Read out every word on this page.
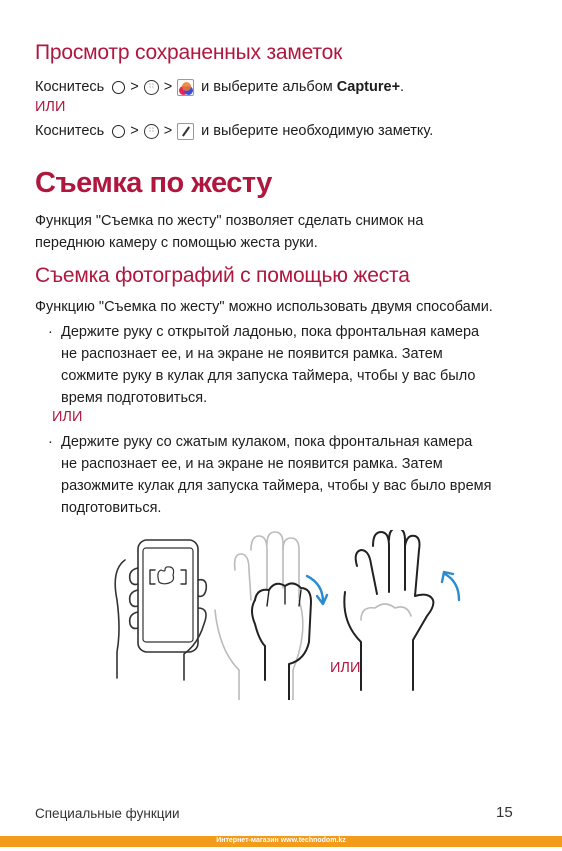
Просмотр сохраненных заметок
Коснитесь >	∷ > и выберите альбом Capture+ .
ИЛИ
Коснитесь >	∷ > и выберите необходимую заметку.
Съемка по жесту
Функция "Съемка по жесту" позволяет сделать снимок на
переднюю камеру с помощью жеста руки.
Съемка фотографий с помощью жеста
Функцию "Съемка по жесту" можно использовать двумя способами.
· Держите руку с открытой ладонью, пока фронтальная камера
не распознает ее, и на экране не появится рамка. Затем
сожмите руку в кулак для запуска таймера, чтобы у вас было
время подготовиться.
ИЛИ
· Держите руку со сжатым кулаком, пока фронтальная камера
не распознает ее, и на экране не появится рамка. Затем
разожмите кулак для запуска таймера, чтобы у вас было время
подготовиться.
ИЛИ
Специальные функции	15
Интернет-магазин www.technodom.kz
